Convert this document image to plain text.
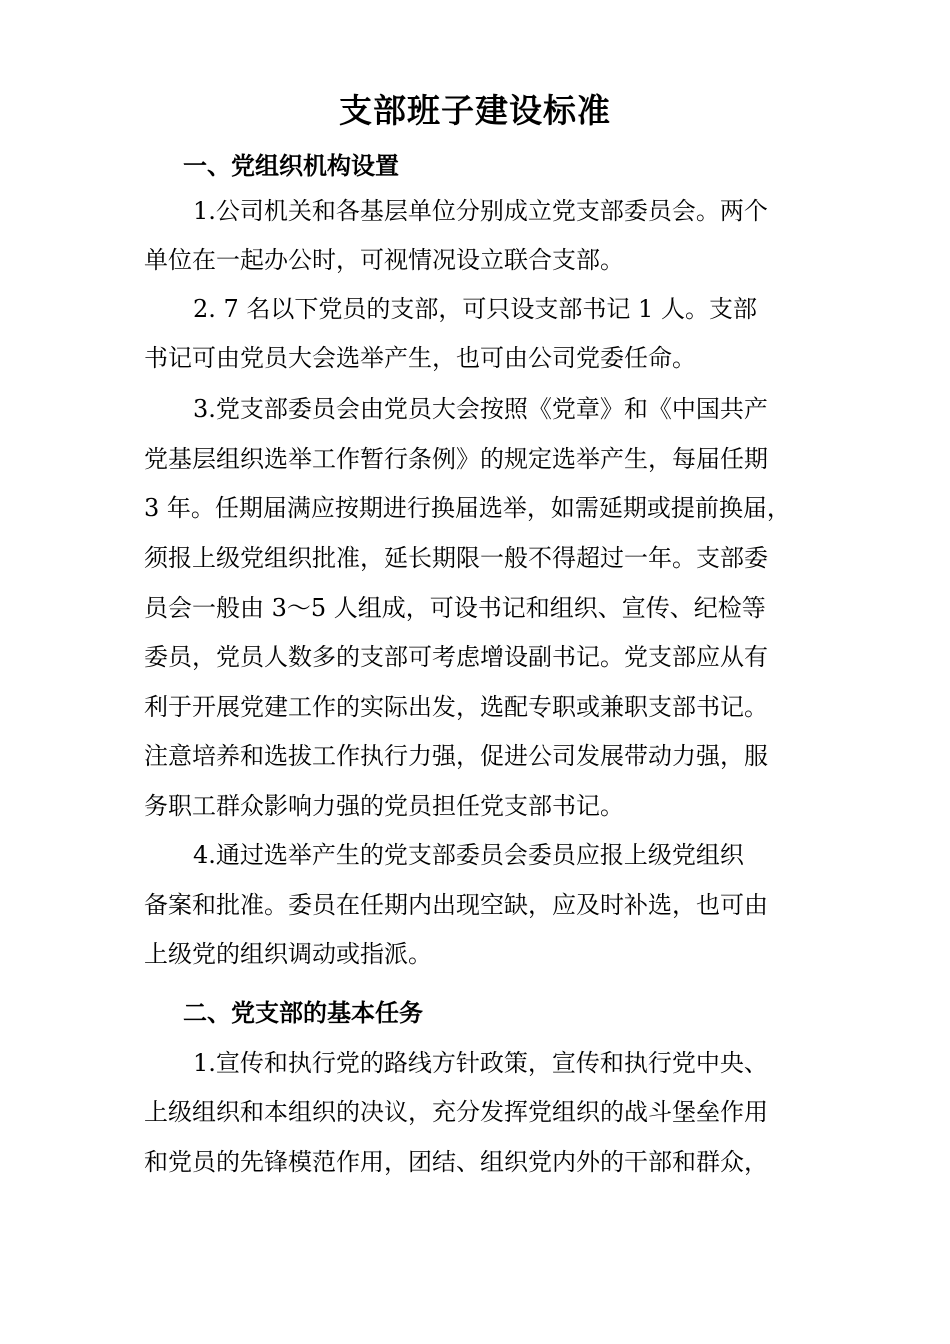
支部班子建设标准
一、党组织机构设置
1.公司机关和各基层单位分别成立党支部委员会。两个
单位在一起办公时，可视情况设立联合支部。
2. 7 名以下党员的支部，可只设支部书记 1 人。支部
书记可由党员大会选举产生，也可由公司党委任命。
3.党支部委员会由党员大会按照《党章》和《中国共产
党基层组织选举工作暂行条例》的规定选举产生，每届任期
3 年。任期届满应按期进行换届选举，如需延期或提前换届，
须报上级党组织批准，延长期限一般不得超过一年。支部委
员会一般由 3～5 人组成，可设书记和组织、宣传、纪检等
委员，党员人数多的支部可考虑增设副书记。党支部应从有
利于开展党建工作的实际出发，选配专职或兼职支部书记。
注意培养和选拔工作执行力强，促进公司发展带动力强，服
务职工群众影响力强的党员担任党支部书记。
4.通过选举产生的党支部委员会委员应报上级党组织
备案和批准。委员在任期内出现空缺，应及时补选，也可由
上级党的组织调动或指派。
二、党支部的基本任务
1.宣传和执行党的路线方针政策，宣传和执行党中央、
上级组织和本组织的决议，充分发挥党组织的战斗堡垒作用
和党员的先锋模范作用，团结、组织党内外的干部和群众，
